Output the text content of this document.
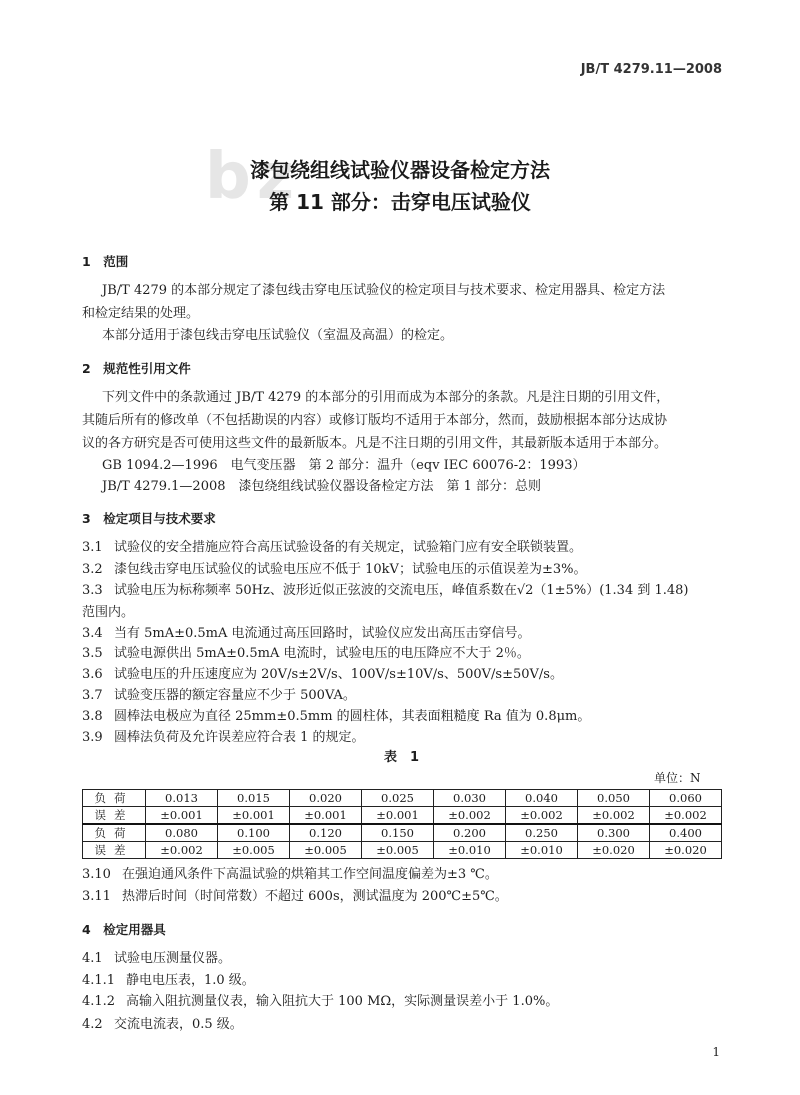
bz
JB/T 4279.11—2008
漆包绕组线试验仪器设备检定方法
第 11 部分：击穿电压试验仪
1　范围
JB/T 4279 的本部分规定了漆包线击穿电压试验仪的检定项目与技术要求、检定用器具、检定方法
和检定结果的处理。
本部分适用于漆包线击穿电压试验仪（室温及高温）的检定。
2　规范性引用文件
下列文件中的条款通过 JB/T 4279 的本部分的引用而成为本部分的条款。凡是注日期的引用文件，
其随后所有的修改单（不包括勘误的内容）或修订版均不适用于本部分，然而，鼓励根据本部分达成协
议的各方研究是否可使用这些文件的最新版本。凡是不注日期的引用文件，其最新版本适用于本部分。
GB 1094.2—1996　电气变压器　第 2 部分：温升（eqv IEC 60076-2：1993）
JB/T 4279.1—2008　漆包绕组线试验仪器设备检定方法　第 1 部分：总则
3　检定项目与技术要求
3.1 试验仪的安全措施应符合高压试验设备的有关规定，试验箱门应有安全联锁装置。
3.2 漆包线击穿电压试验仪的试验电压应不低于 10kV；试验电压的示值误差为±3%。
3.3 试验电压为标称频率 50Hz、波形近似正弦波的交流电压，峰值系数在√2（1±5%）(1.34 到 1.48)
范围内。
3.4 当有 5mA±0.5mA 电流通过高压回路时，试验仪应发出高压击穿信号。
3.5 试验电源供出 5mA±0.5mA 电流时，试验电压的电压降应不大于 2％。
3.6 试验电压的升压速度应为 20V/s±2V/s、100V/s±10V/s、500V/s±50V/s。
3.7 试验变压器的额定容量应不少于 500VA。
3.8 圆棒法电极应为直径 25mm±0.5mm 的圆柱体，其表面粗糙度 Ra 值为 0.8μm。
3.9 圆棒法负荷及允许误差应符合表 1 的规定。
表　1
单位：N
负荷	0.013	0.015	0.020	0.025	0.030	0.040	0.050	0.060
误差	±0.001	±0.001	±0.001	±0.001	±0.002	±0.002	±0.002	±0.002
负荷	0.080	0.100	0.120	0.150	0.200	0.250	0.300	0.400
误差	±0.002	±0.005	±0.005	±0.005	±0.010	±0.010	±0.020	±0.020
3.10 在强迫通风条件下高温试验的烘箱其工作空间温度偏差为±3 ℃。
3.11 热滞后时间（时间常数）不超过 600s，测试温度为 200℃±5℃。
4　检定用器具
4.1 试验电压测量仪器。
4.1.1 静电电压表，1.0 级。
4.1.2 高输入阻抗测量仪表，输入阻抗大于 100 MΩ，实际测量误差小于 1.0%。
4.2 交流电流表，0.5 级。
1
